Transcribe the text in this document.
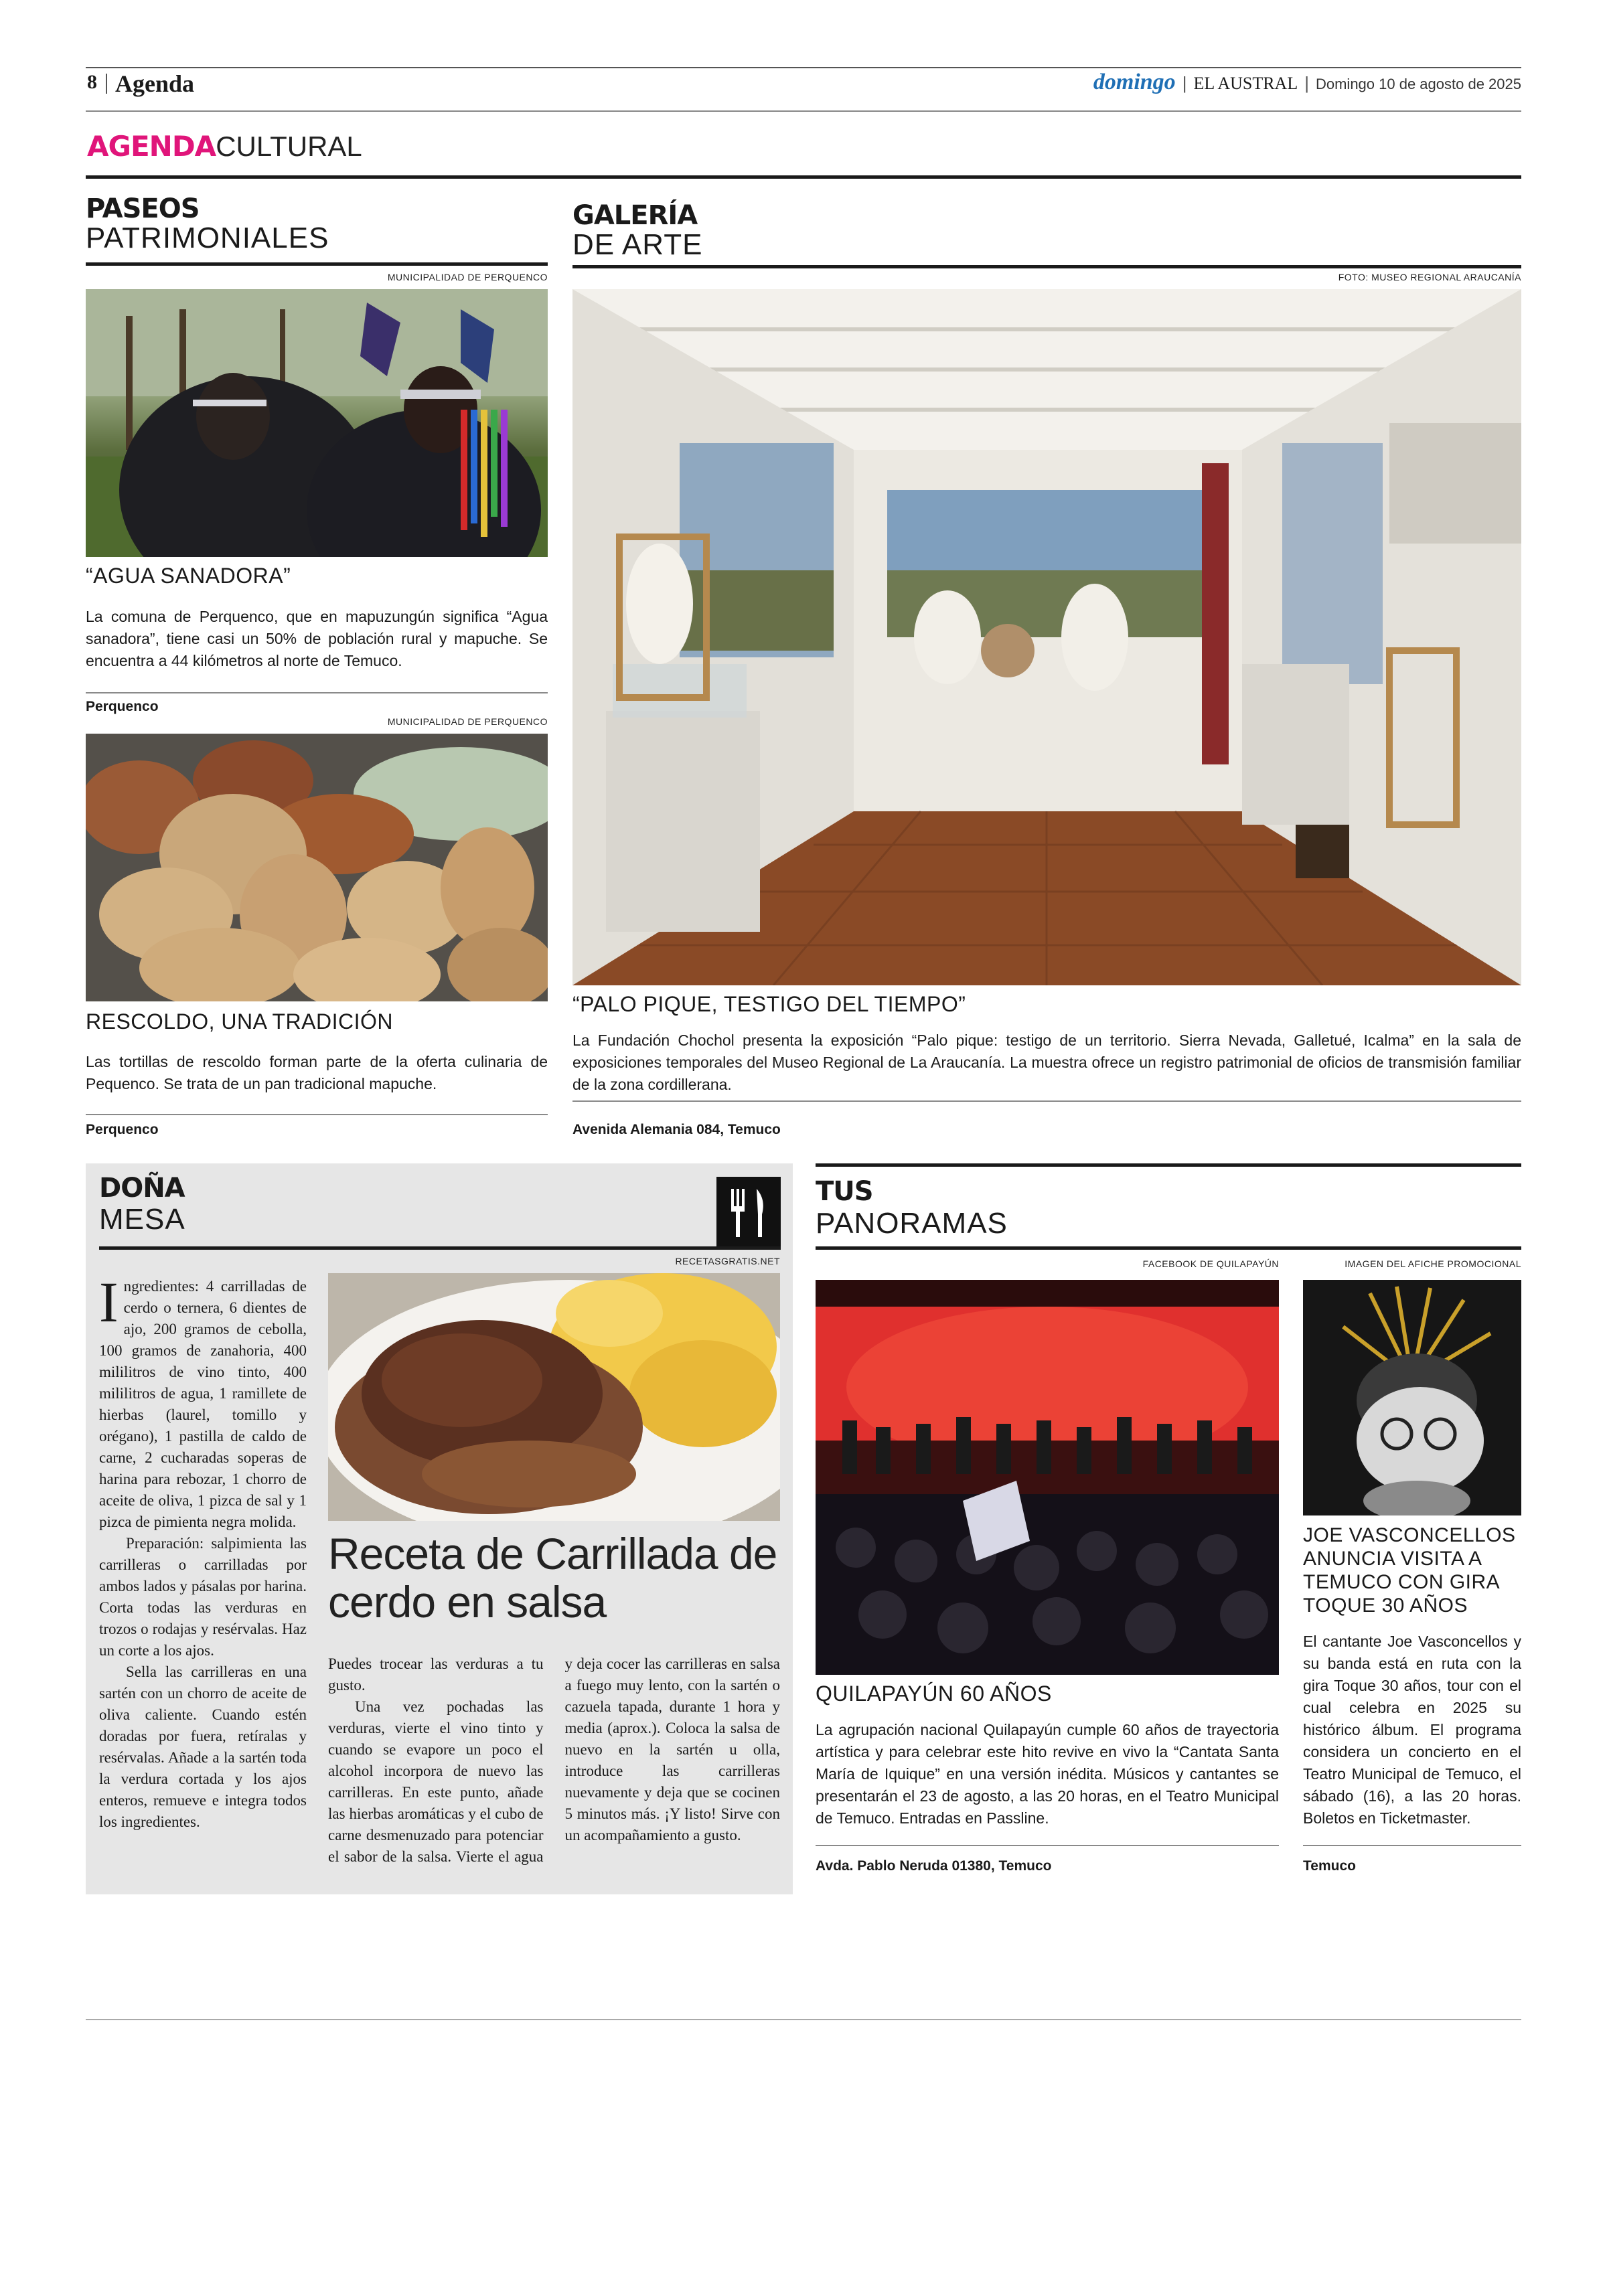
8 Agenda	domingo | EL AUSTRAL | Domingo 10 de agosto de 2025
AGENDACULTURAL
PASEOS
PATRIMONIALES
MUNICIPALIDAD DE PERQUENCO
“AGUA SANADORA”
La comuna de Perquenco, que en mapuzungún significa “Agua sanadora”, tiene casi un 50% de población rural y mapuche. Se encuentra a 44 kilómetros al norte de Temuco.
Perquenco
MUNICIPALIDAD DE PERQUENCO
RESCOLDO, UNA TRADICIÓN
Las tortillas de rescoldo forman parte de la oferta culinaria de Pequenco. Se trata de un pan tradicional mapuche.
Perquenco
GALERÍA
DE ARTE
FOTO: MUSEO REGIONAL ARAUCANÍA
“PALO PIQUE, TESTIGO DEL TIEMPO”
La Fundación Chochol presenta la exposición “Palo pique: testigo de un territorio. Sierra Nevada, Galletué, Icalma” en la sala de exposiciones temporales del Museo Regional de La Araucanía. La muestra ofrece un registro patrimonial de oficios de transmisión familiar de la zona cordillerana.
Avenida Alemania 084, Temuco
DOÑA
MESA
RECETASGRATIS.NET
Receta de Carrillada de cerdo en salsa

Ingredientes: 4 carrilladas de cerdo o ternera, 6 dientes de ajo, 200 gramos de cebolla, 100 gramos de zanahoria, 400 mililitros de vino tinto, 400 mililitros de agua, 1 ramillete de hierbas (laurel, tomillo y orégano), 1 pastilla de caldo de carne, 2 cucharadas soperas de harina para rebozar, 1 chorro de aceite de oliva, 1 pizca de sal y 1 pizca de pimienta negra molida.

Preparación: salpimienta las carrilleras o carrilladas por ambos lados y pásalas por harina. Corta todas las verduras en trozos o rodajas y resérvalas. Haz un corte a los ajos.

Sella las carrilleras en una sartén con un chorro de aceite de oliva caliente. Cuando estén doradas por fuera, retíralas y resérvalas. Añade a la sartén toda la verdura cortada y los ajos enteros, remueve e integra todos los ingredientes.

Puedes trocear las verduras a tu gusto.

Una vez pochadas las verduras, vierte el vino tinto y cuando se evapore un poco el alcohol incorpora de nuevo las carrilleras. En este punto, añade las hierbas aromáticas y el cubo de carne desmenuzado para potenciar el sabor de la salsa. Vierte el agua y deja cocer las carrilleras en salsa a fuego muy lento, con la sartén o cazuela tapada, durante 1 hora y media (aprox.). Coloca la salsa de nuevo en la sartén u olla, introduce las carrilleras nuevamente y deja que se cocinen 5 minutos más. ¡Y listo! Sirve con un acompañamiento a gusto.

TUS
PANORAMAS
FACEBOOK DE QUILAPAYÚN	IMAGEN DEL AFICHE PROMOCIONAL
QUILAPAYÚN 60 AÑOS
La agrupación nacional Quilapayún cumple 60 años de trayectoria artística y para celebrar este hito revive en vivo la “Cantata Santa María de Iquique” en una versión inédita. Músicos y cantantes se presentarán el 23 de agosto, a las 20 horas, en el Teatro Municipal de Temuco. Entradas en Passline.
Avda. Pablo Neruda 01380, Temuco
JOE VASCONCELLOS ANUNCIA VISITA A TEMUCO CON GIRA TOQUE 30 AÑOS
El cantante Joe Vasconcellos y su banda está en ruta con la gira Toque 30 años, tour con el cual celebra en 2025 su histórico álbum. El programa considera un concierto en el Teatro Municipal de Temuco, el sábado (16), a las 20 horas. Boletos en Ticketmaster.
Temuco
